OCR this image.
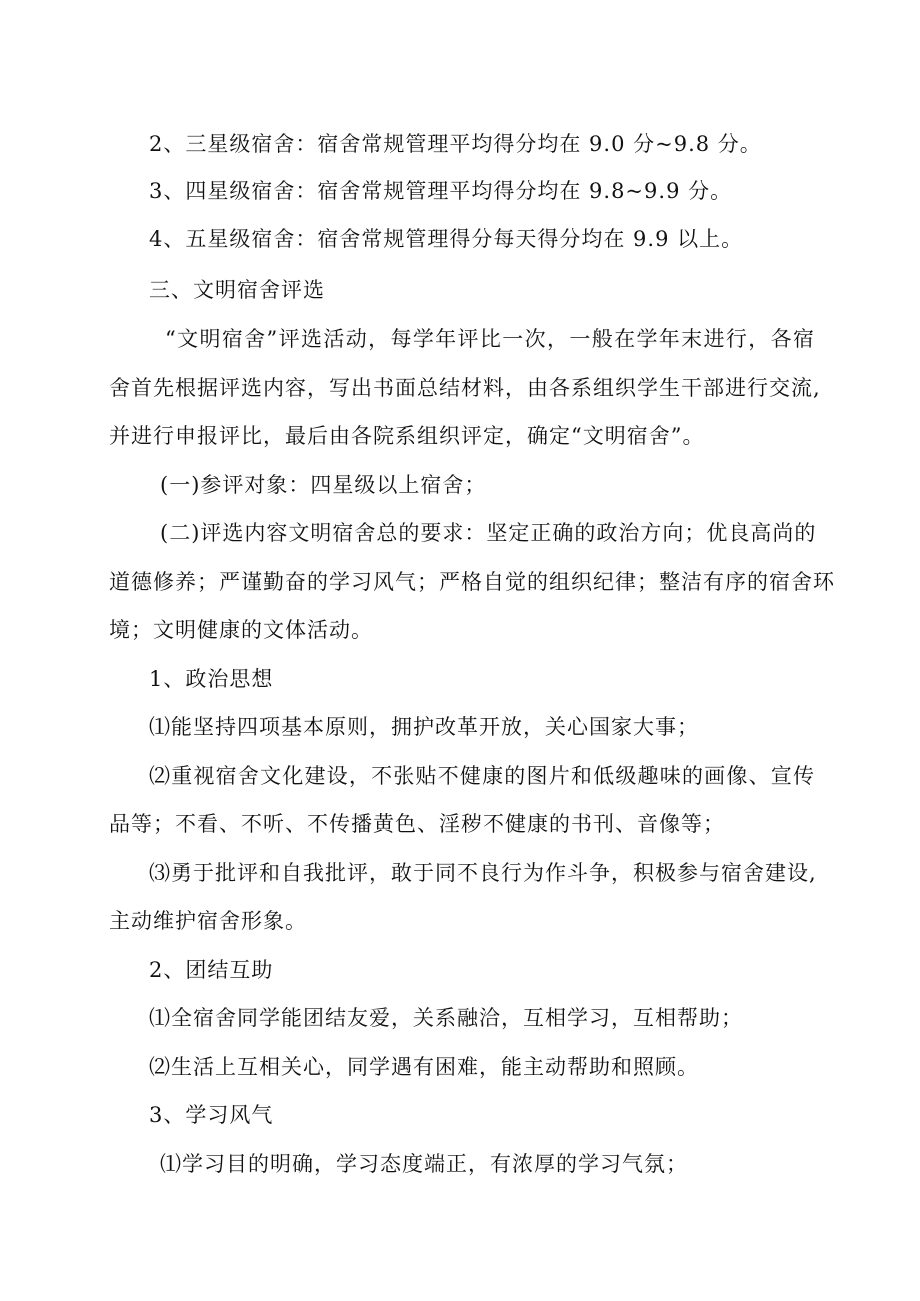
2、三星级宿舍：宿舍常规管理平均得分均在 9.0 分~9.8 分。
3、四星级宿舍：宿舍常规管理平均得分均在 9.8~9.9 分。
4、五星级宿舍：宿舍常规管理得分每天得分均在 9.9 以上。
三、文明宿舍评选
“文明宿舍”评选活动，每学年评比一次，一般在学年末进行，各宿
舍首先根据评选内容，写出书面总结材料，由各系组织学生干部进行交流,
并进行申报评比，最后由各院系组织评定，确定“文明宿舍”。
(一)参评对象：四星级以上宿舍；
(二)评选内容文明宿舍总的要求：坚定正确的政治方向；优良高尚的
道德修养；严谨勤奋的学习风气；严格自觉的组织纪律；整洁有序的宿舍环
境；文明健康的文体活动。
1、政治思想
⑴能坚持四项基本原则，拥护改革开放，关心国家大事；
⑵重视宿舍文化建设，不张贴不健康的图片和低级趣味的画像、宣传
品等；不看、不听、不传播黄色、淫秽不健康的书刊、音像等；
⑶勇于批评和自我批评，敢于同不良行为作斗争，积极参与宿舍建设,
主动维护宿舍形象。
2、团结互助
⑴全宿舍同学能团结友爱，关系融洽，互相学习，互相帮助；
⑵生活上互相关心，同学遇有困难，能主动帮助和照顾。
3、学习风气
⑴学习目的明确，学习态度端正，有浓厚的学习气氛；
